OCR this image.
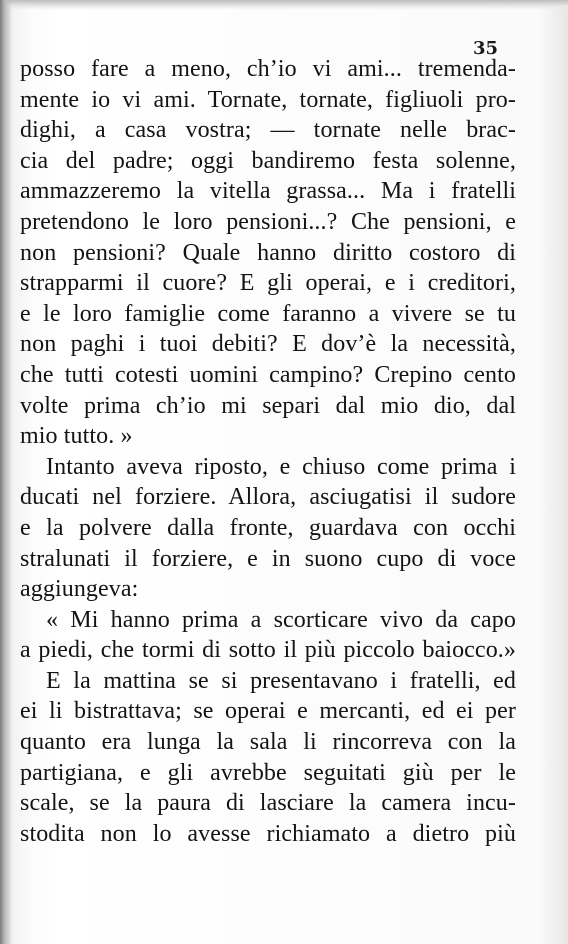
35
posso fare a meno, ch’io vi ami... tremenda-
mente io vi ami. Tornate, tornate, figliuoli pro-
dighi, a casa vostra; — tornate nelle brac-
cia del padre; oggi bandiremo festa solenne,
ammazzeremo la vitella grassa... Ma i fratelli
pretendono le loro pensioni...? Che pensioni, e
non pensioni? Quale hanno diritto costoro di
strapparmi il cuore? E gli operai, e i creditori,
e le loro famiglie come faranno a vivere se tu
non paghi i tuoi debiti? E dov’è la necessità,
che tutti cotesti uomini campino? Crepino cento
volte prima ch’io mi separi dal mio dio, dal
mio tutto. »
Intanto aveva riposto, e chiuso come prima i
ducati nel forziere. Allora, asciugatisi il sudore
e la polvere dalla fronte, guardava con occhi
stralunati il forziere, e in suono cupo di voce
aggiungeva:
« Mi hanno prima a scorticare vivo da capo
a piedi, che tormi di sotto il più piccolo baiocco.»
E la mattina se si presentavano i fratelli, ed
ei li bistrattava; se operai e mercanti, ed ei per
quanto era lunga la sala li rincorreva con la
partigiana, e gli avrebbe seguitati giù per le
scale, se la paura di lasciare la camera incu-
stodita non lo avesse richiamato a dietro più
